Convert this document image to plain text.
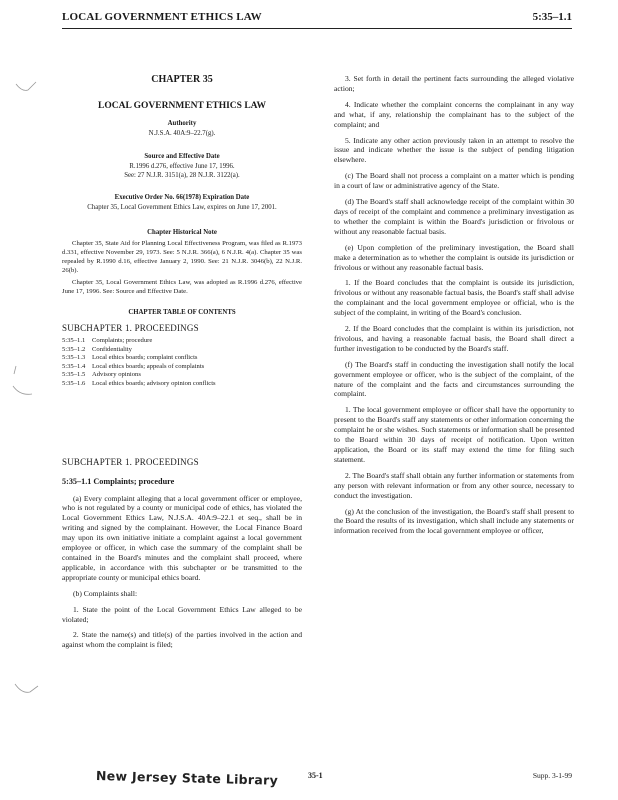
LOCAL GOVERNMENT ETHICS LAW	5:35–1.1

CHAPTER 35

LOCAL GOVERNMENT ETHICS LAW

Authority

N.J.S.A. 40A:9–22.7(g).

Source and Effective Date

R.1996 d.276, effective June 17, 1996.

See: 27 N.J.R. 3151(a), 28 N.J.R. 3122(a).

Executive Order No. 66(1978) Expiration Date

Chapter 35, Local Government Ethics Law, expires on June 17, 2001.

Chapter Historical Note

Chapter 35, State Aid for Planning Local Effectiveness Program, was filed as R.1973 d.331, effective November 29, 1973. See: 5 N.J.R. 366(a), 6 N.J.R. 4(a). Chapter 35 was repealed by R.1990 d.16, effective January 2, 1990. See: 21 N.J.R. 3046(b), 22 N.J.R. 26(b).

Chapter 35, Local Government Ethics Law, was adopted as R.1996 d.276, effective June 17, 1996. See: Source and Effective Date.

CHAPTER TABLE OF CONTENTS

SUBCHAPTER 1. PROCEEDINGS

5:35–1.1	Complaints; procedure
5:35–1.2	Confidentiality
5:35–1.3	Local ethics boards; complaint conflicts
5:35–1.4	Local ethics boards; appeals of complaints
5:35–1.5	Advisory opinions
5:35–1.6	Local ethics boards; advisory opinion conflicts

SUBCHAPTER 1. PROCEEDINGS

5:35–1.1 Complaints; procedure

(a) Every complaint alleging that a local government officer or employee, who is not regulated by a county or municipal code of ethics, has violated the Local Government Ethics Law, N.J.S.A. 40A:9–22.1 et seq., shall be in writing and signed by the complainant. However, the Local Finance Board may upon its own initiative initiate a complaint against a local government employee or officer, in which case the summary of the complaint shall be contained in the Board's minutes and the complaint shall proceed, where applicable, in accordance with this subchapter or be transmitted to the appropriate county or municipal ethics board.

(b) Complaints shall:

1. State the point of the Local Government Ethics Law alleged to be violated;

2. State the name(s) and title(s) of the parties involved in the action and against whom the complaint is filed;

3. Set forth in detail the pertinent facts surrounding the alleged violative action;

4. Indicate whether the complaint concerns the complainant in any way and what, if any, relationship the complainant has to the subject of the complaint; and

5. Indicate any other action previously taken in an attempt to resolve the issue and indicate whether the issue is the subject of pending litigation elsewhere.

(c) The Board shall not process a complaint on a matter which is pending in a court of law or administrative agency of the State.

(d) The Board's staff shall acknowledge receipt of the complaint within 30 days of receipt of the complaint and commence a preliminary investigation as to whether the complaint is within the Board's jurisdiction or frivolous or without any reasonable factual basis.

(e) Upon completion of the preliminary investigation, the Board shall make a determination as to whether the complaint is outside its jurisdiction or frivolous or without any reasonable factual basis.

1. If the Board concludes that the complaint is outside its jurisdiction, frivolous or without any reasonable factual basis, the Board's staff shall advise the complainant and the local government employee or official, who is the subject of the complaint, in writing of the Board's conclusion.

2. If the Board concludes that the complaint is within its jurisdiction, not frivolous, and having a reasonable factual basis, the Board shall direct a further investigation to be conducted by the Board's staff.

(f) The Board's staff in conducting the investigation shall notify the local government employee or officer, who is the subject of the complaint, of the nature of the complaint and the facts and circumstances surrounding the complaint.

1. The local government employee or officer shall have the opportunity to present to the Board's staff any statements or other information concerning the complaint he or she wishes. Such statements or information shall be presented to the Board within 30 days of receipt of notification. Upon written application, the Board or its staff may extend the time for filing such statement.

2. The Board's staff shall obtain any further information or statements from any person with relevant information or from any other source, necessary to conduct the investigation.

(g) At the conclusion of the investigation, the Board's staff shall present to the Board the results of its investigation, which shall include any statements or information received from the local government employee or officer,

New Jersey State Library	35-1	Supp. 3-1-99
